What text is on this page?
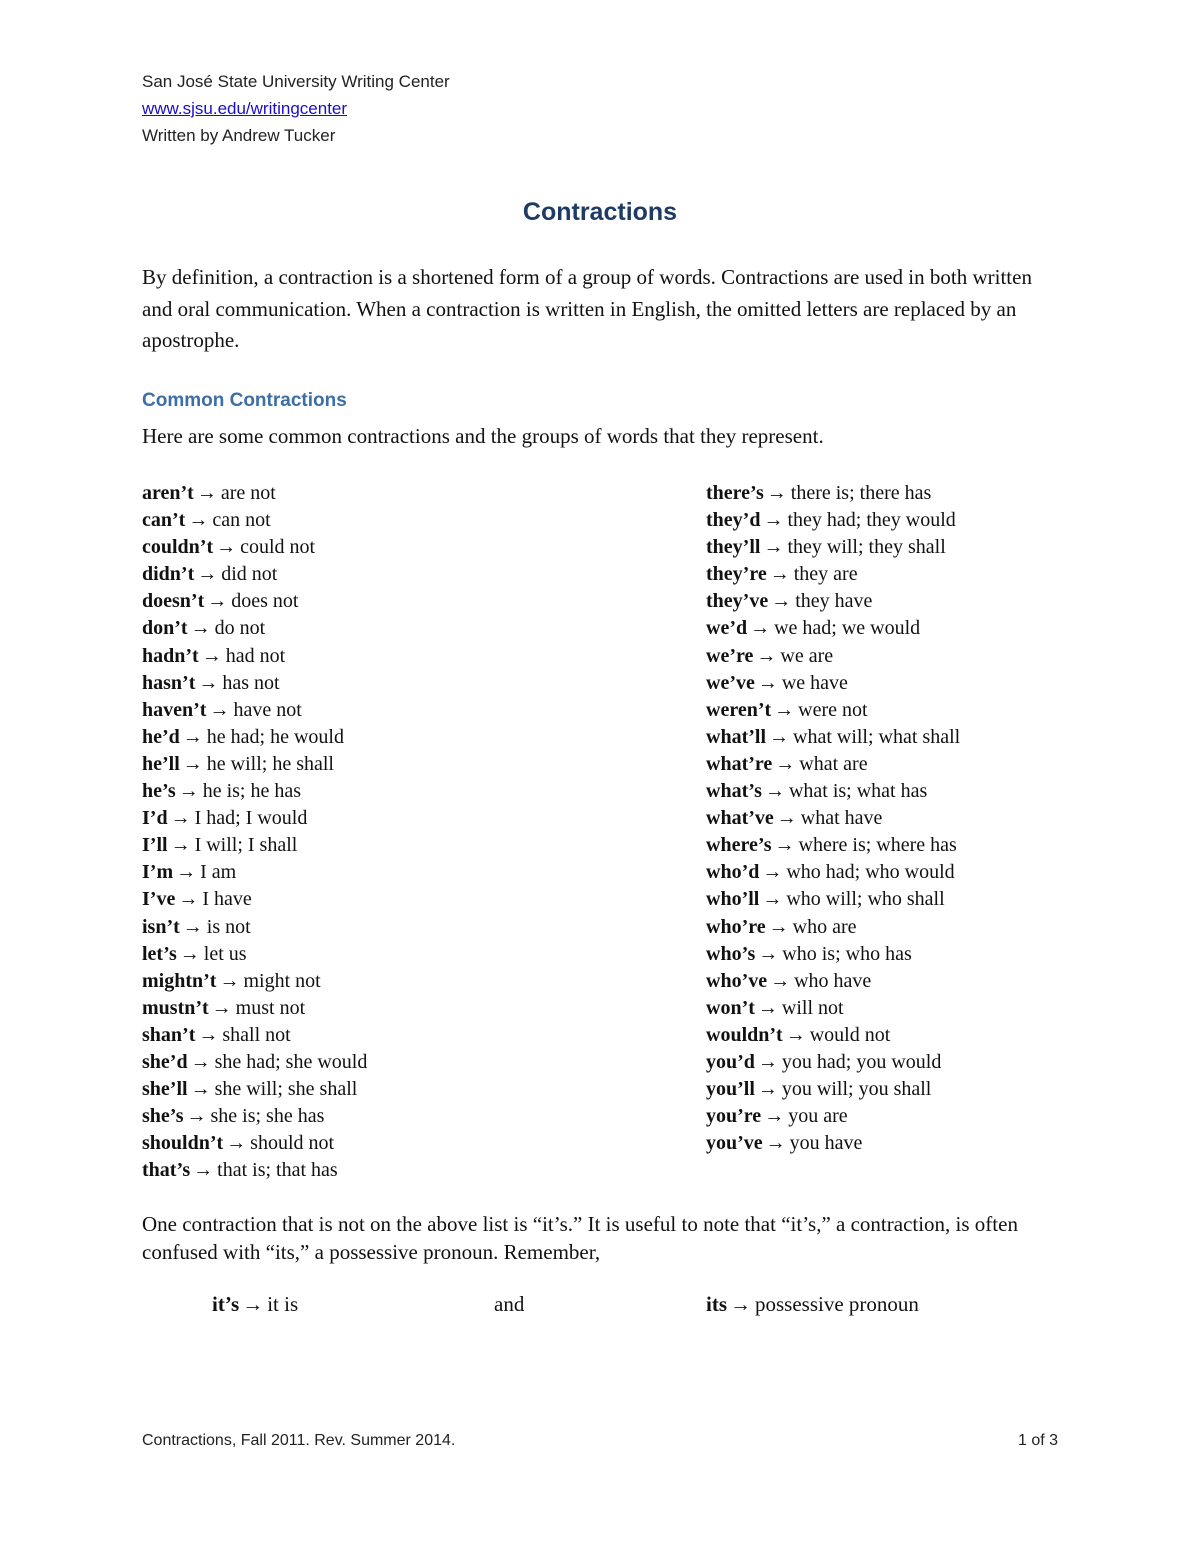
San José State University Writing Center
www.sjsu.edu/writingcenter
Written by Andrew Tucker
Contractions
By definition, a contraction is a shortened form of a group of words. Contractions are used in both written and oral communication. When a contraction is written in English, the omitted letters are replaced by an apostrophe.
Common Contractions
Here are some common contractions and the groups of words that they represent.
aren’t → are not
can’t → can not
couldn’t → could not
didn’t → did not
doesn’t → does not
don’t → do not
hadn’t → had not
hasn’t → has not
haven’t → have not
he’d → he had; he would
he’ll → he will; he shall
he’s → he is; he has
I’d → I had; I would
I’ll → I will; I shall
I’m → I am
I’ve → I have
isn’t → is not
let’s → let us
mightn’t → might not
mustn’t → must not
shan’t → shall not
she’d → she had; she would
she’ll → she will; she shall
she’s → she is; she has
shouldn’t → should not
that’s → that is; that has
there’s → there is; there has
they’d → they had; they would
they’ll → they will; they shall
they’re → they are
they’ve → they have
we’d → we had; we would
we’re → we are
we’ve → we have
weren’t → were not
what’ll → what will; what shall
what’re → what are
what’s → what is; what has
what’ve → what have
where’s → where is; where has
who’d → who had; who would
who’ll → who will; who shall
who’re → who are
who’s → who is; who has
who’ve → who have
won’t → will not
wouldn’t → would not
you’d → you had; you would
you’ll → you will; you shall
you’re → you are
you’ve → you have
One contraction that is not on the above list is “it’s.” It is useful to note that “it’s,” a contraction, is often confused with “its,” a possessive pronoun. Remember,
it’s → it is	and	its → possessive pronoun
Contractions, Fall 2011. Rev. Summer 2014.	1 of 3
